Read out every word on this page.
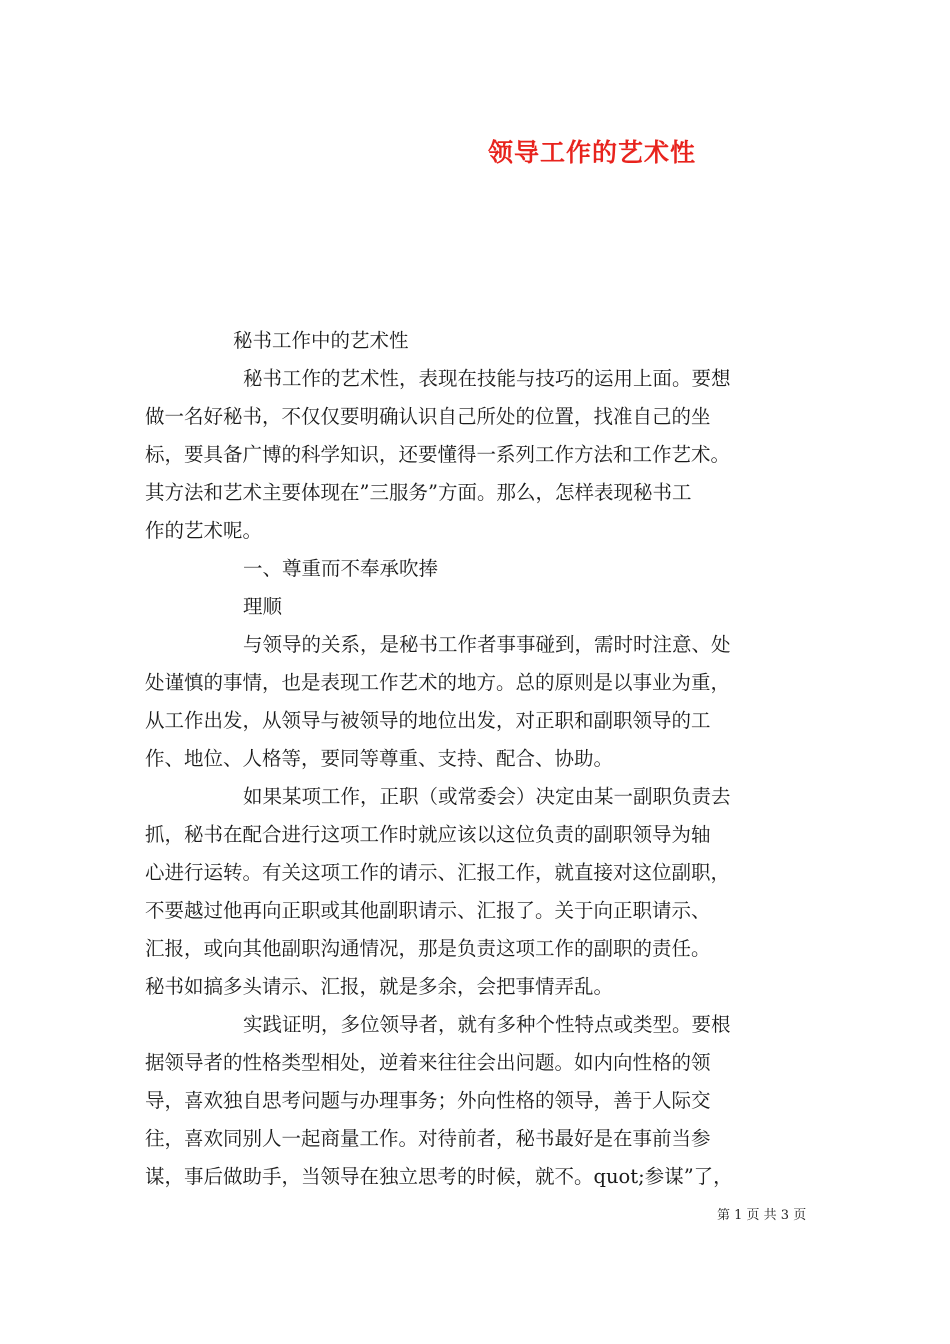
领导工作的艺术性
秘书工作中的艺术性
秘书工作的艺术性，表现在技能与技巧的运用上面。要想
做一名好秘书，不仅仅要明确认识自己所处的位置，找准自己的坐
标，要具备广博的科学知识，还要懂得一系列工作方法和工作艺术。
其方法和艺术主要体现在”三服务”方面。那么，怎样表现秘书工
作的艺术呢。
一、尊重而不奉承吹捧
理顺
与领导的关系，是秘书工作者事事碰到，需时时注意、处
处谨慎的事情，也是表现工作艺术的地方。总的原则是以事业为重，
从工作出发，从领导与被领导的地位出发，对正职和副职领导的工
作、地位、人格等，要同等尊重、支持、配合、协助。
如果某项工作，正职（或常委会）决定由某一副职负责去
抓，秘书在配合进行这项工作时就应该以这位负责的副职领导为轴
心进行运转。有关这项工作的请示、汇报工作，就直接对这位副职，
不要越过他再向正职或其他副职请示、汇报了。关于向正职请示、
汇报，或向其他副职沟通情况，那是负责这项工作的副职的责任。
秘书如搞多头请示、汇报，就是多余，会把事情弄乱。
实践证明，多位领导者，就有多种个性特点或类型。要根
据领导者的性格类型相处，逆着来往往会出问题。如内向性格的领
导，喜欢独自思考问题与办理事务；外向性格的领导，善于人际交
往，喜欢同别人一起商量工作。对待前者，秘书最好是在事前当参
谋，事后做助手，当领导在独立思考的时候，就不。quot;参谋”了，
第 1 页 共 3 页
